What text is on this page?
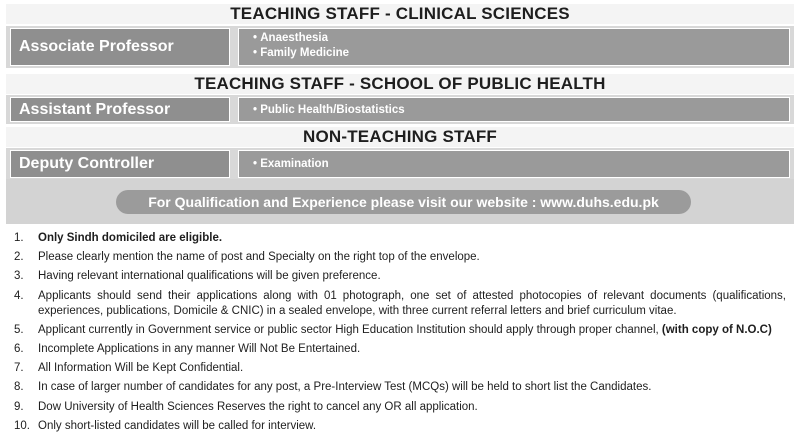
TEACHING STAFF - CLINICAL SCIENCES
Associate Professor	• Anaesthesia
• Family Medicine
TEACHING STAFF - SCHOOL OF PUBLIC HEALTH
Assistant Professor	• Public Health/Biostatistics
NON-TEACHING STAFF
Deputy Controller	• Examination
For Qualification and Experience please visit our website : www.duhs.edu.pk
1.	Only Sindh domiciled are eligible.
2.	Please clearly mention the name of post and Specialty on the right top of the envelope.
3.	Having relevant international qualifications will be given preference.
4.	Applicants should send their applications along with 01 photograph, one set of attested photocopies of relevant documents (qualifications, experiences, publications, Domicile & CNIC) in a sealed envelope, with three current referral letters and brief curriculum vitae.
5.	Applicant currently in Government service or public sector High Education Institution should apply through proper channel, (with copy of N.O.C)
6.	Incomplete Applications in any manner Will Not Be Entertained.
7.	All Information Will be Kept Confidential.
8.	In case of larger number of candidates for any post, a Pre-Interview Test (MCQs) will be held to short list the Candidates.
9.	Dow University of Health Sciences Reserves the right to cancel any OR all application.
10. Only short-listed candidates will be called for interview.
